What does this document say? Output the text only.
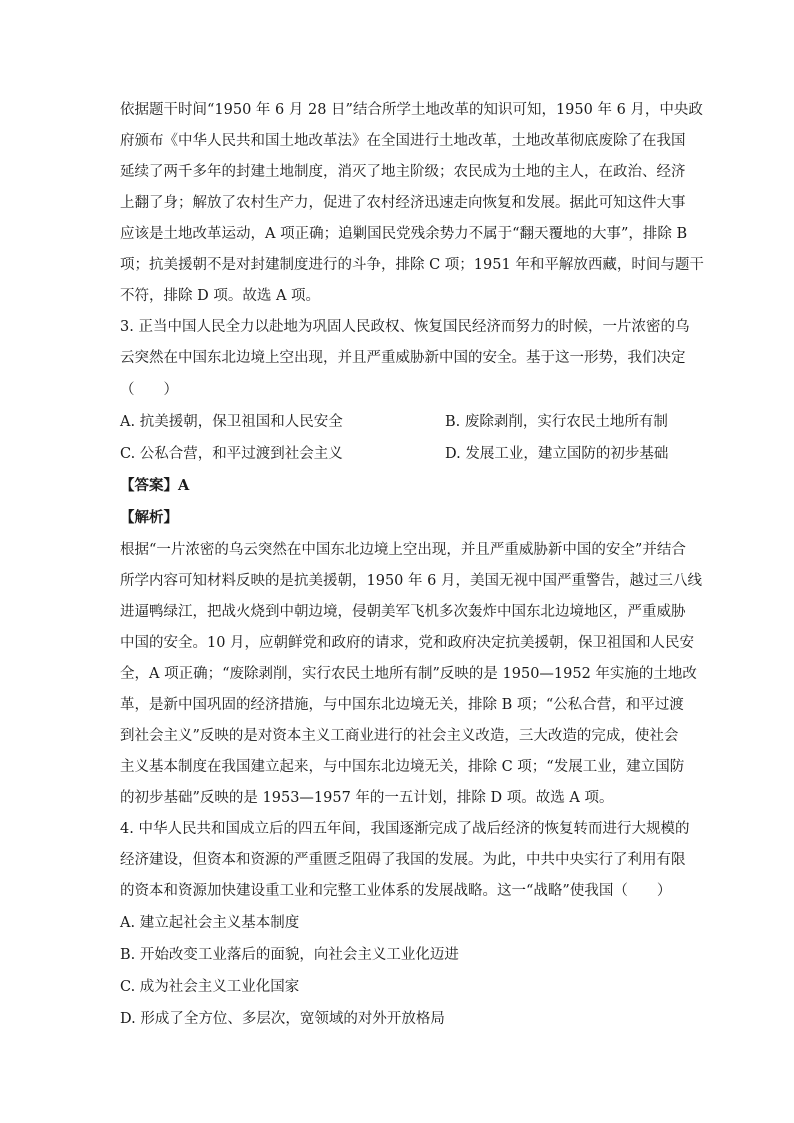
依据题干时间“1950 年 6 月 28 日”结合所学土地改革的知识可知，1950 年 6 月，中央政
府颁布《中华人民共和国土地改革法》在全国进行土地改革，土地改革彻底废除了在我国
延续了两千多年的封建土地制度，消灭了地主阶级；农民成为土地的主人，在政治、经济
上翻了身；解放了农村生产力，促进了农村经济迅速走向恢复和发展。据此可知这件大事
应该是土地改革运动，A 项正确；追剿国民党残余势力不属于“翻天覆地的大事”，排除 B
项；抗美援朝不是对封建制度进行的斗争，排除 C 项；1951 年和平解放西藏，时间与题干
不符，排除 D 项。故选 A 项。
3. 正当中国人民全力以赴地为巩固人民政权、恢复国民经济而努力的时候，一片浓密的乌
云突然在中国东北边境上空出现，并且严重威胁新中国的安全。基于这一形势，我们决定
（　　）
A. 抗美援朝，保卫祖国和人民安全	B. 废除剥削，实行农民土地所有制
C. 公私合营，和平过渡到社会主义	D. 发展工业，建立国防的初步基础
【答案】A
【解析】
根据“一片浓密的乌云突然在中国东北边境上空出现，并且严重威胁新中国的安全”并结合
所学内容可知材料反映的是抗美援朝，1950 年 6 月，美国无视中国严重警告，越过三八线
进逼鸭绿江，把战火烧到中朝边境，侵朝美军飞机多次轰炸中国东北边境地区，严重威胁
中国的安全。10 月，应朝鲜党和政府的请求，党和政府决定抗美援朝，保卫祖国和人民安
全，A 项正确；“废除剥削，实行农民土地所有制”反映的是 1950—1952 年实施的土地改
革，是新中国巩固的经济措施，与中国东北边境无关，排除 B 项；“公私合营，和平过渡
到社会主义”反映的是对资本主义工商业进行的社会主义改造，三大改造的完成，使社会
主义基本制度在我国建立起来，与中国东北边境无关，排除 C 项；“发展工业，建立国防
的初步基础”反映的是 1953—1957 年的一五计划，排除 D 项。故选 A 项。
4. 中华人民共和国成立后的四五年间，我国逐渐完成了战后经济的恢复转而进行大规模的
经济建设，但资本和资源的严重匮乏阻碍了我国的发展。为此，中共中央实行了利用有限
的资本和资源加快建设重工业和完整工业体系的发展战略。这一“战略”使我国（　　）
A. 建立起社会主义基本制度
B. 开始改变工业落后的面貌，向社会主义工业化迈进
C. 成为社会主义工业化国家
D. 形成了全方位、多层次，宽领域的对外开放格局
